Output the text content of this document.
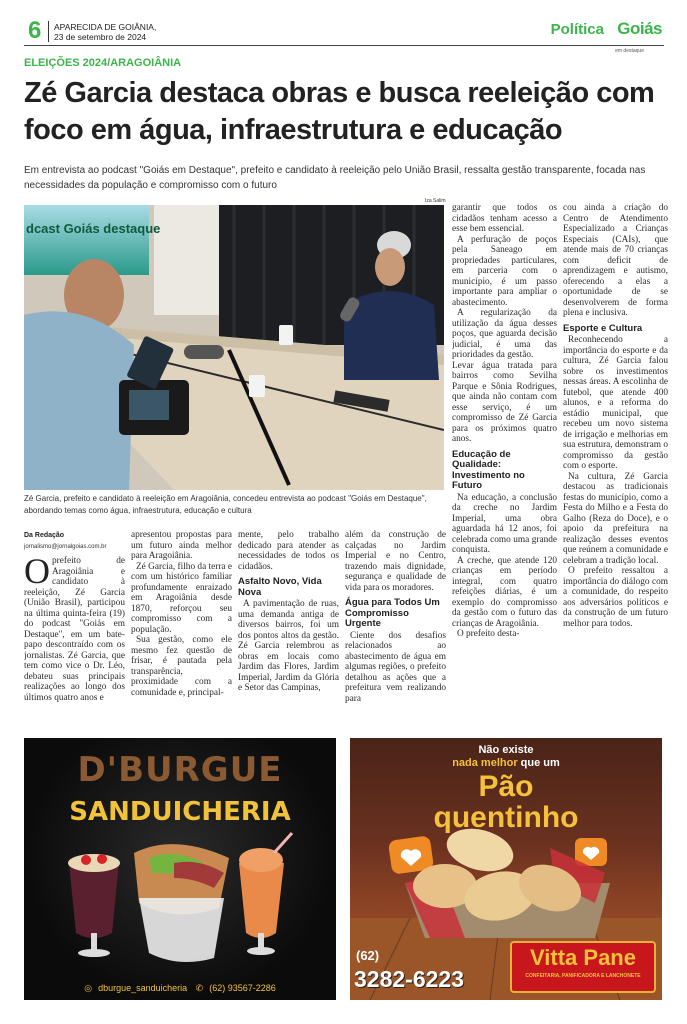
6 APARECIDA DE GOIÂNIA,
23 de setembro de 2024	Política Goiás
em destaque
ELEIÇÕES 2024/ARAGOIÂNIA
Zé Garcia destaca obras e busca reeleição com foco em água, infraestrutura e educação

Em entrevista ao podcast "Goiás em Destaque", prefeito e candidato à reeleição pelo União Brasil, ressalta gestão transparente, focada nas necessidades da população e compromisso com o futuro

Iza Salim
dcast Goiás destaque

Zé Garcia, prefeito e candidato à reeleição em Aragoiânia, concedeu entrevista ao podcast "Goiás em Destaque", abordando temas como água, infraestrutura, educação e cultura

Da Redação
jornalismo@jornalgoias.com.br
O prefeito de Aragoiânia e candidato à reeleição, Zé Garcia (União Brasil), participou na última quinta-feira (19) do podcast "Goiás em Destaque", em um bate-papo descontraído com os jornalistas. Zé Garcia, que tem como vice o Dr. Léo, debateu suas principais realizações ao longo dos últimos quatro anos e

apresentou propostas para um futuro ainda melhor para Aragoiânia.

Zé Garcia, filho da terra e com um histórico familiar profundamente enraizado em Aragoiânia desde 1870, reforçou seu compromisso com a população.

Sua gestão, como ele mesmo fez questão de frisar, é pautada pela transparência, proximidade com a comunidade e, principal-

mente, pelo trabalho dedicado para atender as necessidades de todos os cidadãos.

Asfalto Novo, Vida Nova

A pavimentação de ruas, uma demanda antiga de diversos bairros, foi um dos pontos altos da gestão. Zé Garcia relembrou as obras em locais como Jardim das Flores, Jardim Imperial, Jardim da Glória e Setor das Campinas,

além da construção de calçadas no Jardim Imperial e no Centro, trazendo mais dignidade, segurança e qualidade de vida para os moradores.

Água para Todos Um Compromisso Urgente

Ciente dos desafios relacionados ao abastecimento de água em algumas regiões, o prefeito detalhou as ações que a prefeitura vem realizando para

garantir que todos os cidadãos tenham acesso a esse bem essencial.

A perfuração de poços pela Saneago em propriedades particulares, em parceria com o município, é um passo importante para ampliar o abastecimento.

A regularização da utilização da água desses poços, que aguarda decisão judicial, é uma das prioridades da gestão.

Levar água tratada para bairros como Sevilha Parque e Sônia Rodrigues, que ainda não contam com esse serviço, é um compromisso de Zé Garcia para os próximos quatro anos.

Educação de Qualidade: Investimento no Futuro

Na educação, a conclusão da creche no Jardim Imperial, uma obra aguardada há 12 anos, foi celebrada como uma grande conquista.

A creche, que atende 120 crianças em período integral, com quatro refeições diárias, é um exemplo do compromisso da gestão com o futuro das crianças de Aragoiânia.

O prefeito desta-

cou ainda a criação do Centro de Atendimento Especializado a Crianças Especiais (CAIs), que atende mais de 70 crianças com deficit de aprendizagem e autismo, oferecendo a elas a oportunidade de se desenvolverem de forma plena e inclusiva.

Esporte e Cultura

Reconhecendo a importância do esporte e da cultura, Zé Garcia falou sobre os investimentos nessas áreas. A escolinha de futebol, que atende 400 alunos, e a reforma do estádio municipal, que recebeu um novo sistema de irrigação e melhorias em sua estrutura, demonstram o compromisso da gestão com o esporte.

Na cultura, Zé Garcia destacou as tradicionais festas do município, como a Festa do Milho e a Festa do Galho (Reza do Doce), e o apoio da prefeitura na realização desses eventos que reúnem a comunidade e celebram a tradição local.

O prefeito ressaltou a importância do diálogo com a comunidade, do respeito aos adversários políticos e da construção de um futuro melhor para todos.

D'BURGUE
SANDUICHERIA
◎ dburgue_sanduicheria ✆ (62) 93567-2286
Não existe
nada melhor que um
Pão
quentinho
(62)
3282-6223
Vitta Pane
CONFEITARIA, PANIFICADORA E LANCHONETE
